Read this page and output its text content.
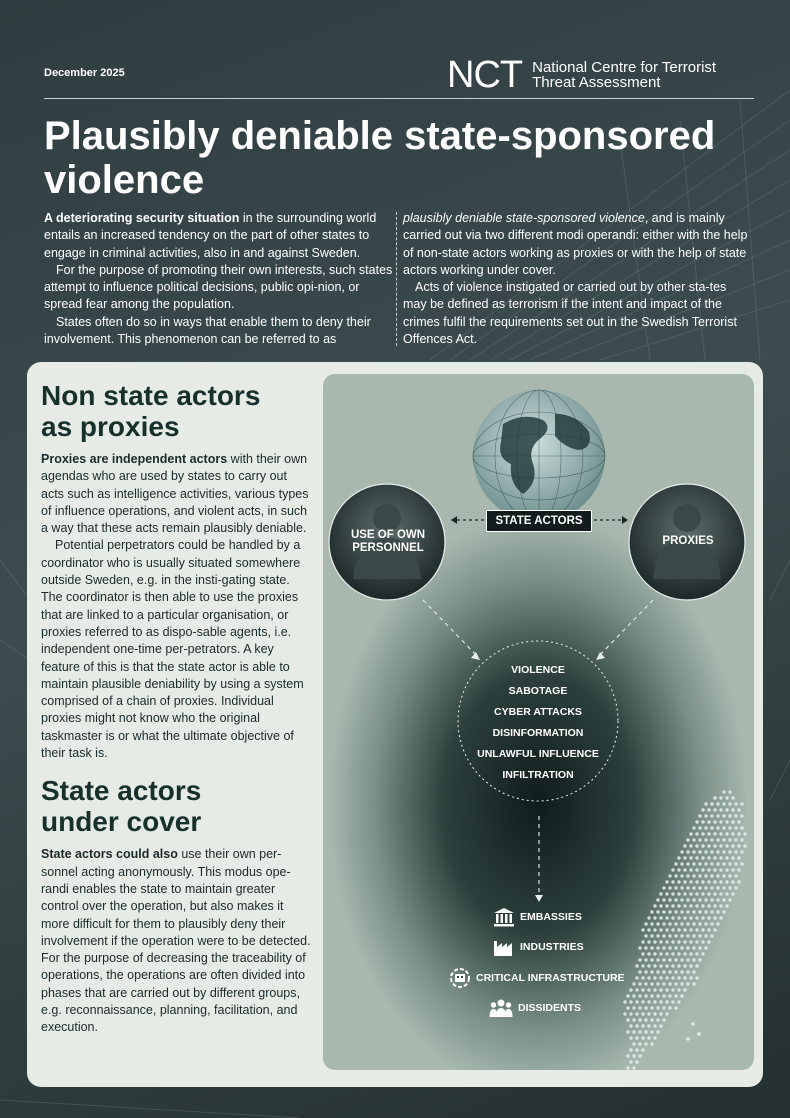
December 2025	NCT National Centre for Terrorist
Threat Assessment
Plausibly deniable state-sponsored
violence

A deteriorating security situation in the surrounding world entails an increased tendency on the part of other states to engage in criminal activities, also in and against Sweden.

For the purpose of promoting their own interests, such states attempt to influence political decisions, public opi-nion, or spread fear among the population.

States often do so in ways that enable them to deny their involvement. This phenomenon can be referred to as

plausibly deniable state-sponsored violence, and is mainly carried out via two different modi operandi: either with the help of non-state actors working as proxies or with the help of state actors working under cover.

Acts of violence instigated or carried out by other sta-tes may be defined as terrorism if the intent and impact of the crimes fulfil the requirements set out in the Swedish Terrorist Offences Act.

Non state actors
as proxies

Proxies are independent actors with their own agendas who are used by states to carry out acts such as intelligence activities, various types of influence operations, and violent acts, in such a way that these acts remain plausibly deniable.

Potential perpetrators could be handled by a coordinator who is usually situated somewhere outside Sweden, e.g. in the insti-gating state. The coordinator is then able to use the proxies that are linked to a particular organisation, or proxies referred to as dispo-sable agents, i.e. independent one-time per-petrators. A key feature of this is that the state actor is able to maintain plausible deniability by using a system comprised of a chain of proxies. Individual proxies might not know who the original taskmaster is or what the ultimate objective of their task is.

State actors
under cover

State actors could also use their own per-sonnel acting anonymously. This modus ope-randi enables the state to maintain greater control over the operation, but also makes it more difficult for them to plausibly deny their involvement if the operation were to be detected. For the purpose of decreasing the traceability of operations, the operations are often divided into phases that are carried out by different groups, e.g. reconnaissance, planning, facilitation, and execution.

STATE ACTORS
USE OF OWN
PERSONNEL
PROXIES
VIOLENCE
SABOTAGE
CYBER ATTACKS
DISINFORMATION
UNLAWFUL INFLUENCE
INFILTRATION
EMBASSIES
INDUSTRIES
CRITICAL INFRASTRUCTURE
DISSIDENTS
